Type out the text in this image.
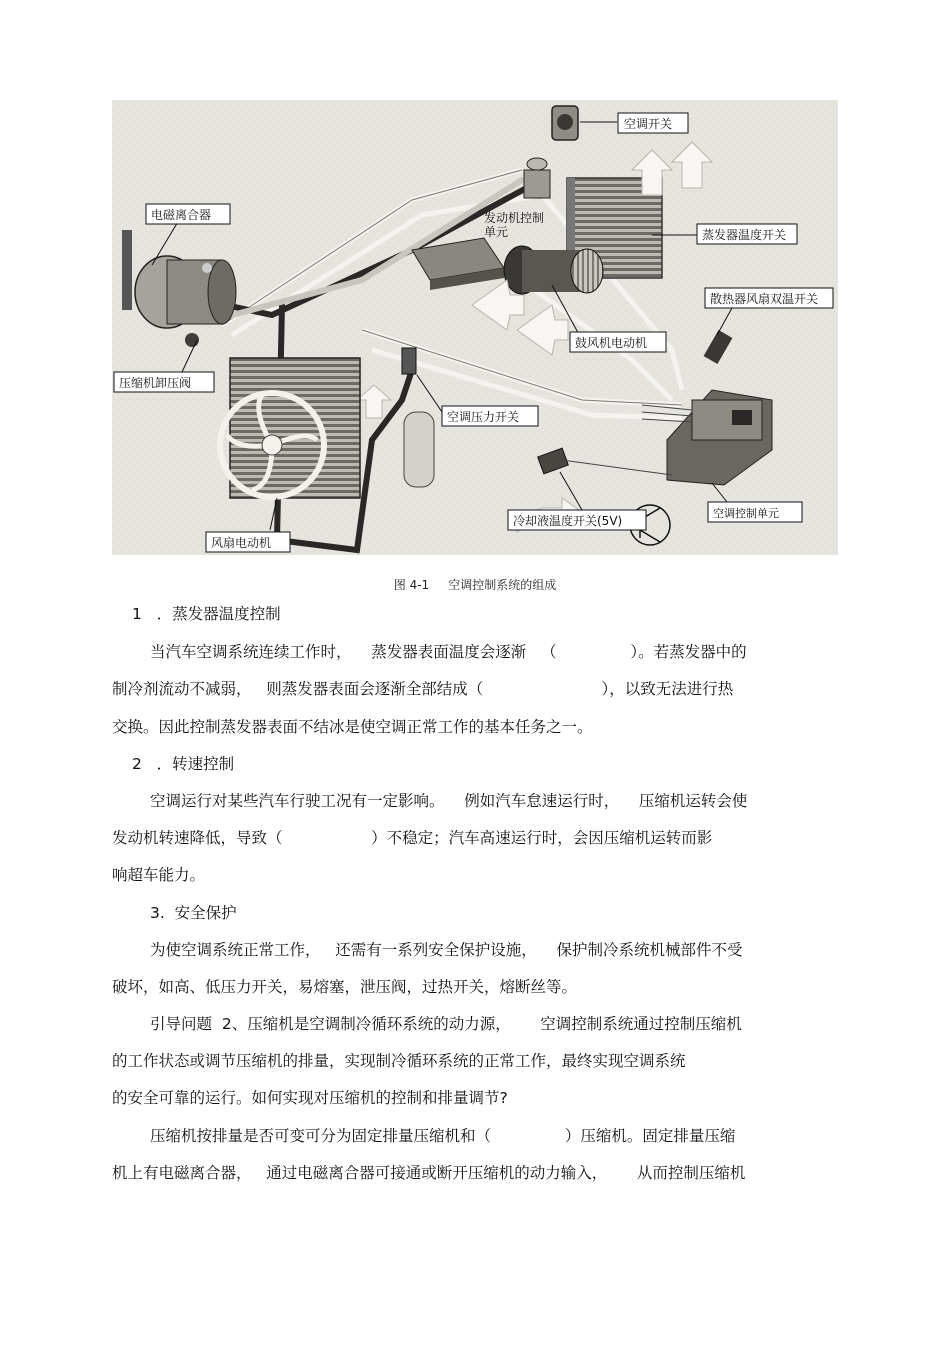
空调开关
电磁离合器	发动机控制
单元	蒸发器温度开关
散热器风扇双温开关
鼓风机电动机
压缩机卸压阀
空调压力开关
冷却液温度开关(5V)
空调控制单元
风扇电动机
图 4-1     空调控制系统的组成
1   ．蒸发器温度控制
当汽车空调系统连续工作时，    蒸发器表面温度会逐渐   （               ）。若蒸发器中的
制冷剂流动不减弱，   则蒸发器表面会逐渐全部结成（                        ），以致无法进行热
交换。因此控制蒸发器表面不结冰是使空调正常工作的基本任务之一。
2   ．转速控制
空调运行对某些汽车行驶工况有一定影响。    例如汽车怠速运行时，    压缩机运转会使
发动机转速降低，导致（                  ）不稳定；汽车高速运行时，会因压缩机运转而影
响超车能力。
3.  安全保护
为使空调系统正常工作，   还需有一系列安全保护设施，    保护制冷系统机械部件不受
破坏，如高、低压力开关，易熔塞，泄压阀，过热开关，熔断丝等。
引导问题  2、压缩机是空调制冷循环系统的动力源，      空调控制系统通过控制压缩机
的工作状态或调节压缩机的排量，实现制冷循环系统的正常工作，最终实现空调系统
的安全可靠的运行。如何实现对压缩机的控制和排量调节?
压缩机按排量是否可变可分为固定排量压缩机和（               ）压缩机。固定排量压缩
机上有电磁离合器，   通过电磁离合器可接通或断开压缩机的动力输入，      从而控制压缩机
